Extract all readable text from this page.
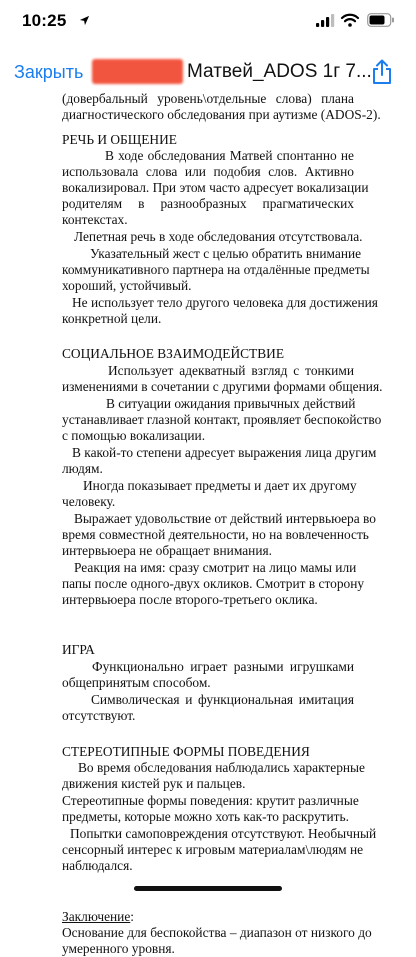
10:25
Закрыть	Матвей_ADOS 1г 7...

(довербальный уровень\отдельные слова) плана

диагностического обследования при аутизме (ADOS-2).

РЕЧЬ И ОБЩЕНИЕ

В ходе обследования Матвей спонтанно не

использовала слова или подобия слов. Активно

вокализировал. При этом часто адресует вокализации

родителям в разнообразных прагматических

контекстах.

Лепетная речь в ходе обследования отсутствовала.

Указательный жест с целью обратить внимание

коммуникативного партнера на отдалённые предметы

хороший, устойчивый.

Не использует тело другого человека для достижения

конкретной цели.

СОЦИАЛЬНОЕ ВЗАИМОДЕЙСТВИЕ

Использует адекватный взгляд с тонкими

изменениями в сочетании с другими формами общения.

В ситуации ожидания привычных действий

устанавливает глазной контакт, проявляет беспокойство

с помощью вокализации.

В какой-то степени адресует выражения лица другим

людям.

Иногда показывает предметы и дает их другому

человеку.

Выражает удовольствие от действий интервьюера во

время совместной деятельности, но на вовлеченность

интервьюера не обращает внимания.

Реакция на имя: сразу смотрит на лицо мамы или

папы после одного-двух окликов. Смотрит в сторону

интервьюера после второго-третьего оклика.

ИГРА

Функционально играет разными игрушками

общепринятым способом.

Символическая и функциональная имитация

отсутствуют.

СТЕРЕОТИПНЫЕ ФОРМЫ ПОВЕДЕНИЯ

Во время обследования наблюдались характерные

движения кистей рук и пальцев.

Стереотипные формы поведения: крутит различные

предметы, которые можно хоть как-то раскрутить.

Попытки самоповреждения отсутствуют. Необычный

сенсорный интерес к игровым материалам\людям не

наблюдался.

Заключение:

Основание для беспокойства – диапазон от низкого до

умеренного уровня.
